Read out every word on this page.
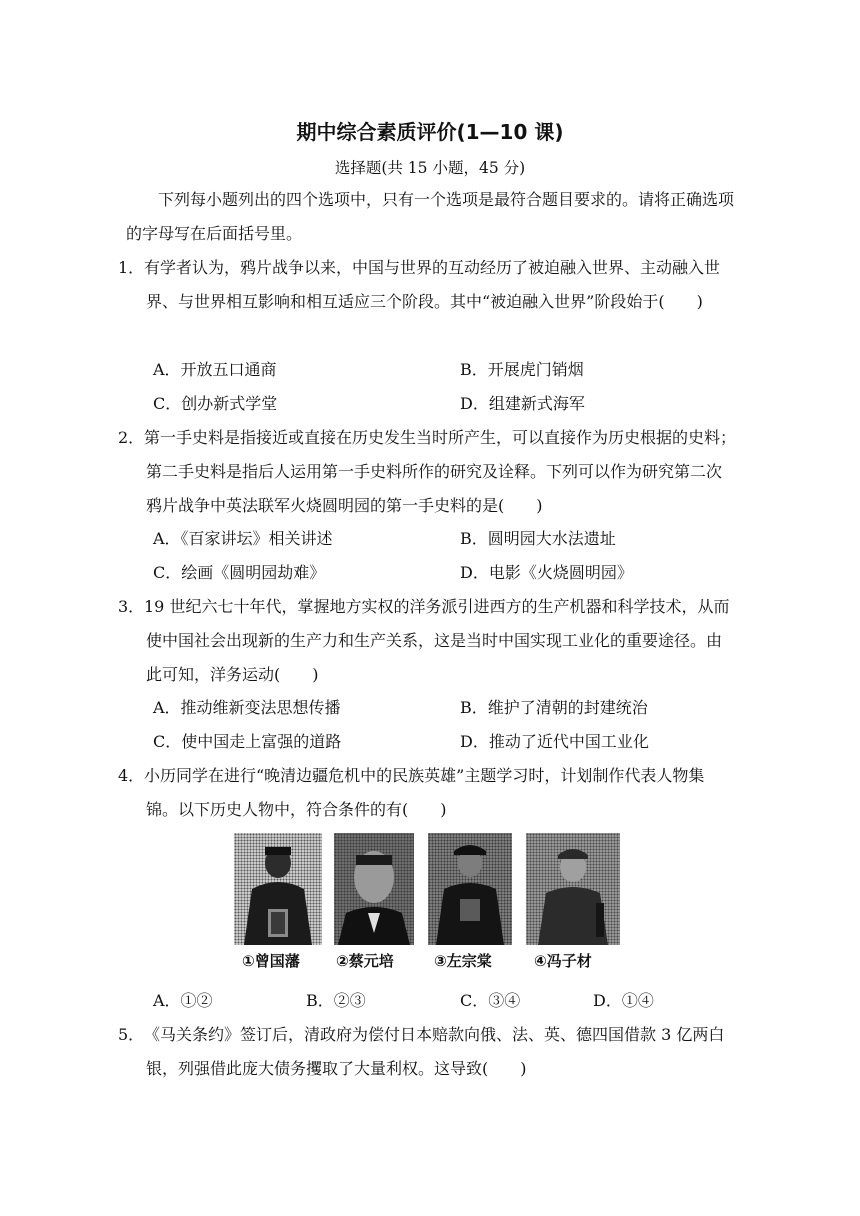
期中综合素质评价(1—10 课)
选择题(共 15 小题，45 分)
下列每小题列出的四个选项中，只有一个选项是最符合题目要求的。请将正确选项的字母写在后面括号里。
1． 有学者认为，鸦片战争以来，中国与世界的互动经历了被迫融入世界、主动融入世界、与世界相互影响和相互适应三个阶段。其中“被迫融入世界”阶段始于(　　)
A．开放五口通商	B．开展虎门销烟
C．创办新式学堂	D．组建新式海军
2． 第一手史料是指接近或直接在历史发生当时所产生，可以直接作为历史根据的史料；第二手史料是指后人运用第一手史料所作的研究及诠释。下列可以作为研究第二次鸦片战争中英法联军火烧圆明园的第一手史料的是(　　)
A．《百家讲坛》相关讲述	B．圆明园大水法遗址
C．绘画《圆明园劫难》	D．电影《火烧圆明园》
3． 19 世纪六七十年代，掌握地方实权的洋务派引进西方的生产机器和科学技术，从而使中国社会出现新的生产力和生产关系，这是当时中国实现工业化的重要途径。由此可知，洋务运动(　　)
A．推动维新变法思想传播	B．维护了清朝的封建统治
C．使中国走上富强的道路	D．推动了近代中国工业化
4． 小历同学在进行“晚清边疆危机中的民族英雄”主题学习时，计划制作代表人物集锦。以下历史人物中，符合条件的有(　　)
①曾国藩 ②蔡元培	③左宗棠	④冯子材
A．①②	B．②③	C．③④	D．①④
5． 《马关条约》签订后，清政府为偿付日本赔款向俄、法、英、德四国借款 3 亿两白银，列强借此庞大债务攫取了大量利权。这导致(　　)
